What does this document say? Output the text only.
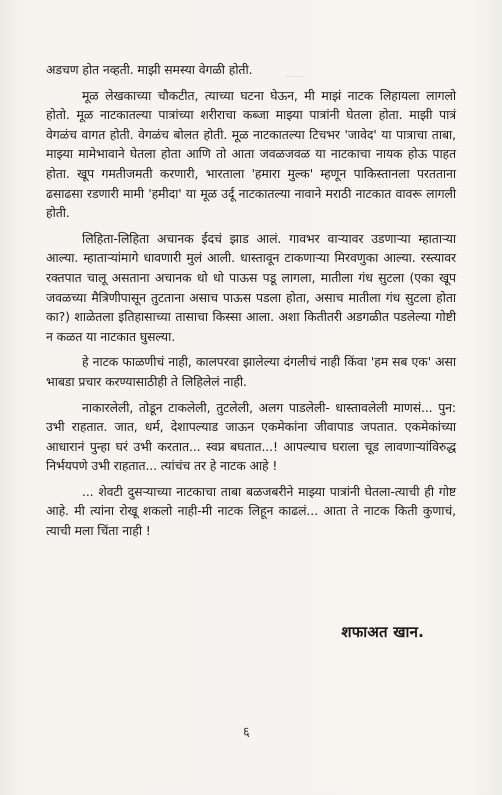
अडचण होत नव्हती. माझी समस्या वेगळी होती.

मूळ लेखकाच्या चौकटीत, त्याच्या घटना घेऊन, मी माझं नाटक लिहायला लागलो होतो. मूळ नाटकातल्या पात्रांच्या शरीराचा कब्जा माझ्या पात्रांनी घेतला होता. माझी पात्रं वेगळंच वागत होती. वेगळंच बोलत होती. मूळ नाटकातल्या टिचभर 'जावेद' या पात्राचा ताबा, माझ्या मामेभावाने घेतला होता आणि तो आता जवळजवळ या नाटकाचा नायक होऊ पाहत होता. खूप गमतीजमती करणारी, भारताला 'हमारा मुल्क' म्हणून पाकिस्तानला परतताना ढसाढसा रडणारी मामी 'हमीदा' या मूळ उर्दू नाटकातल्या नावाने मराठी नाटकात वावरू लागली होती.

लिहिता-लिहिता अचानक ईदचं झाड आलं. गावभर वाऱ्यावर उडणाऱ्या म्हाताऱ्या आल्या. म्हाताऱ्यांमागे धावणारी मुलं आली. धास्तावून टाकणाऱ्या मिरवणुका आल्या. रस्त्यावर रक्तपात चालू असताना अचानक धो धो पाऊस पडू लागला, मातीला गंध सुटला (एका खूप जवळच्या मैत्रिणीपासून तुटताना असाच पाऊस पडला होता, असाच मातीला गंध सुटला होता का?) शाळेतला इतिहासाच्या तासाचा किस्सा आला. अशा कितीतरी अडगळीत पडलेल्या गोष्टी न कळत या नाटकात घुसल्या.

हे नाटक फाळणीचं नाही, कालपरवा झालेल्या दंगलीचं नाही किंवा 'हम सब एक' असा भाबडा प्रचार करण्यासाठीही ते लिहिलेलं नाही.

नाकारलेली, तोडून टाकलेली, तुटलेली, अलग पाडलेली- धास्तावलेली माणसं... पुन: उभी राहतात. जात, धर्म, देशापल्याड जाऊन एकमेकांना जीवापाड जपतात. एकमेकांच्या आधारानं पुन्हा घरं उभी करतात... स्वप्न बघतात...! आपल्याच घराला चूड लावणाऱ्यांविरुद्ध निर्भयपणे उभी राहतात... त्यांचंच तर हे नाटक आहे !

... शेवटी दुसऱ्याच्या नाटकाचा ताबा बळजबरीने माझ्या पात्रांनी घेतला-त्याची ही गोष्ट आहे. मी त्यांना रोखू शकलो नाही-मी नाटक लिहून काढलं... आता ते नाटक किती कुणाचं, त्याची मला चिंता नाही !

शफाअत खान.
६
